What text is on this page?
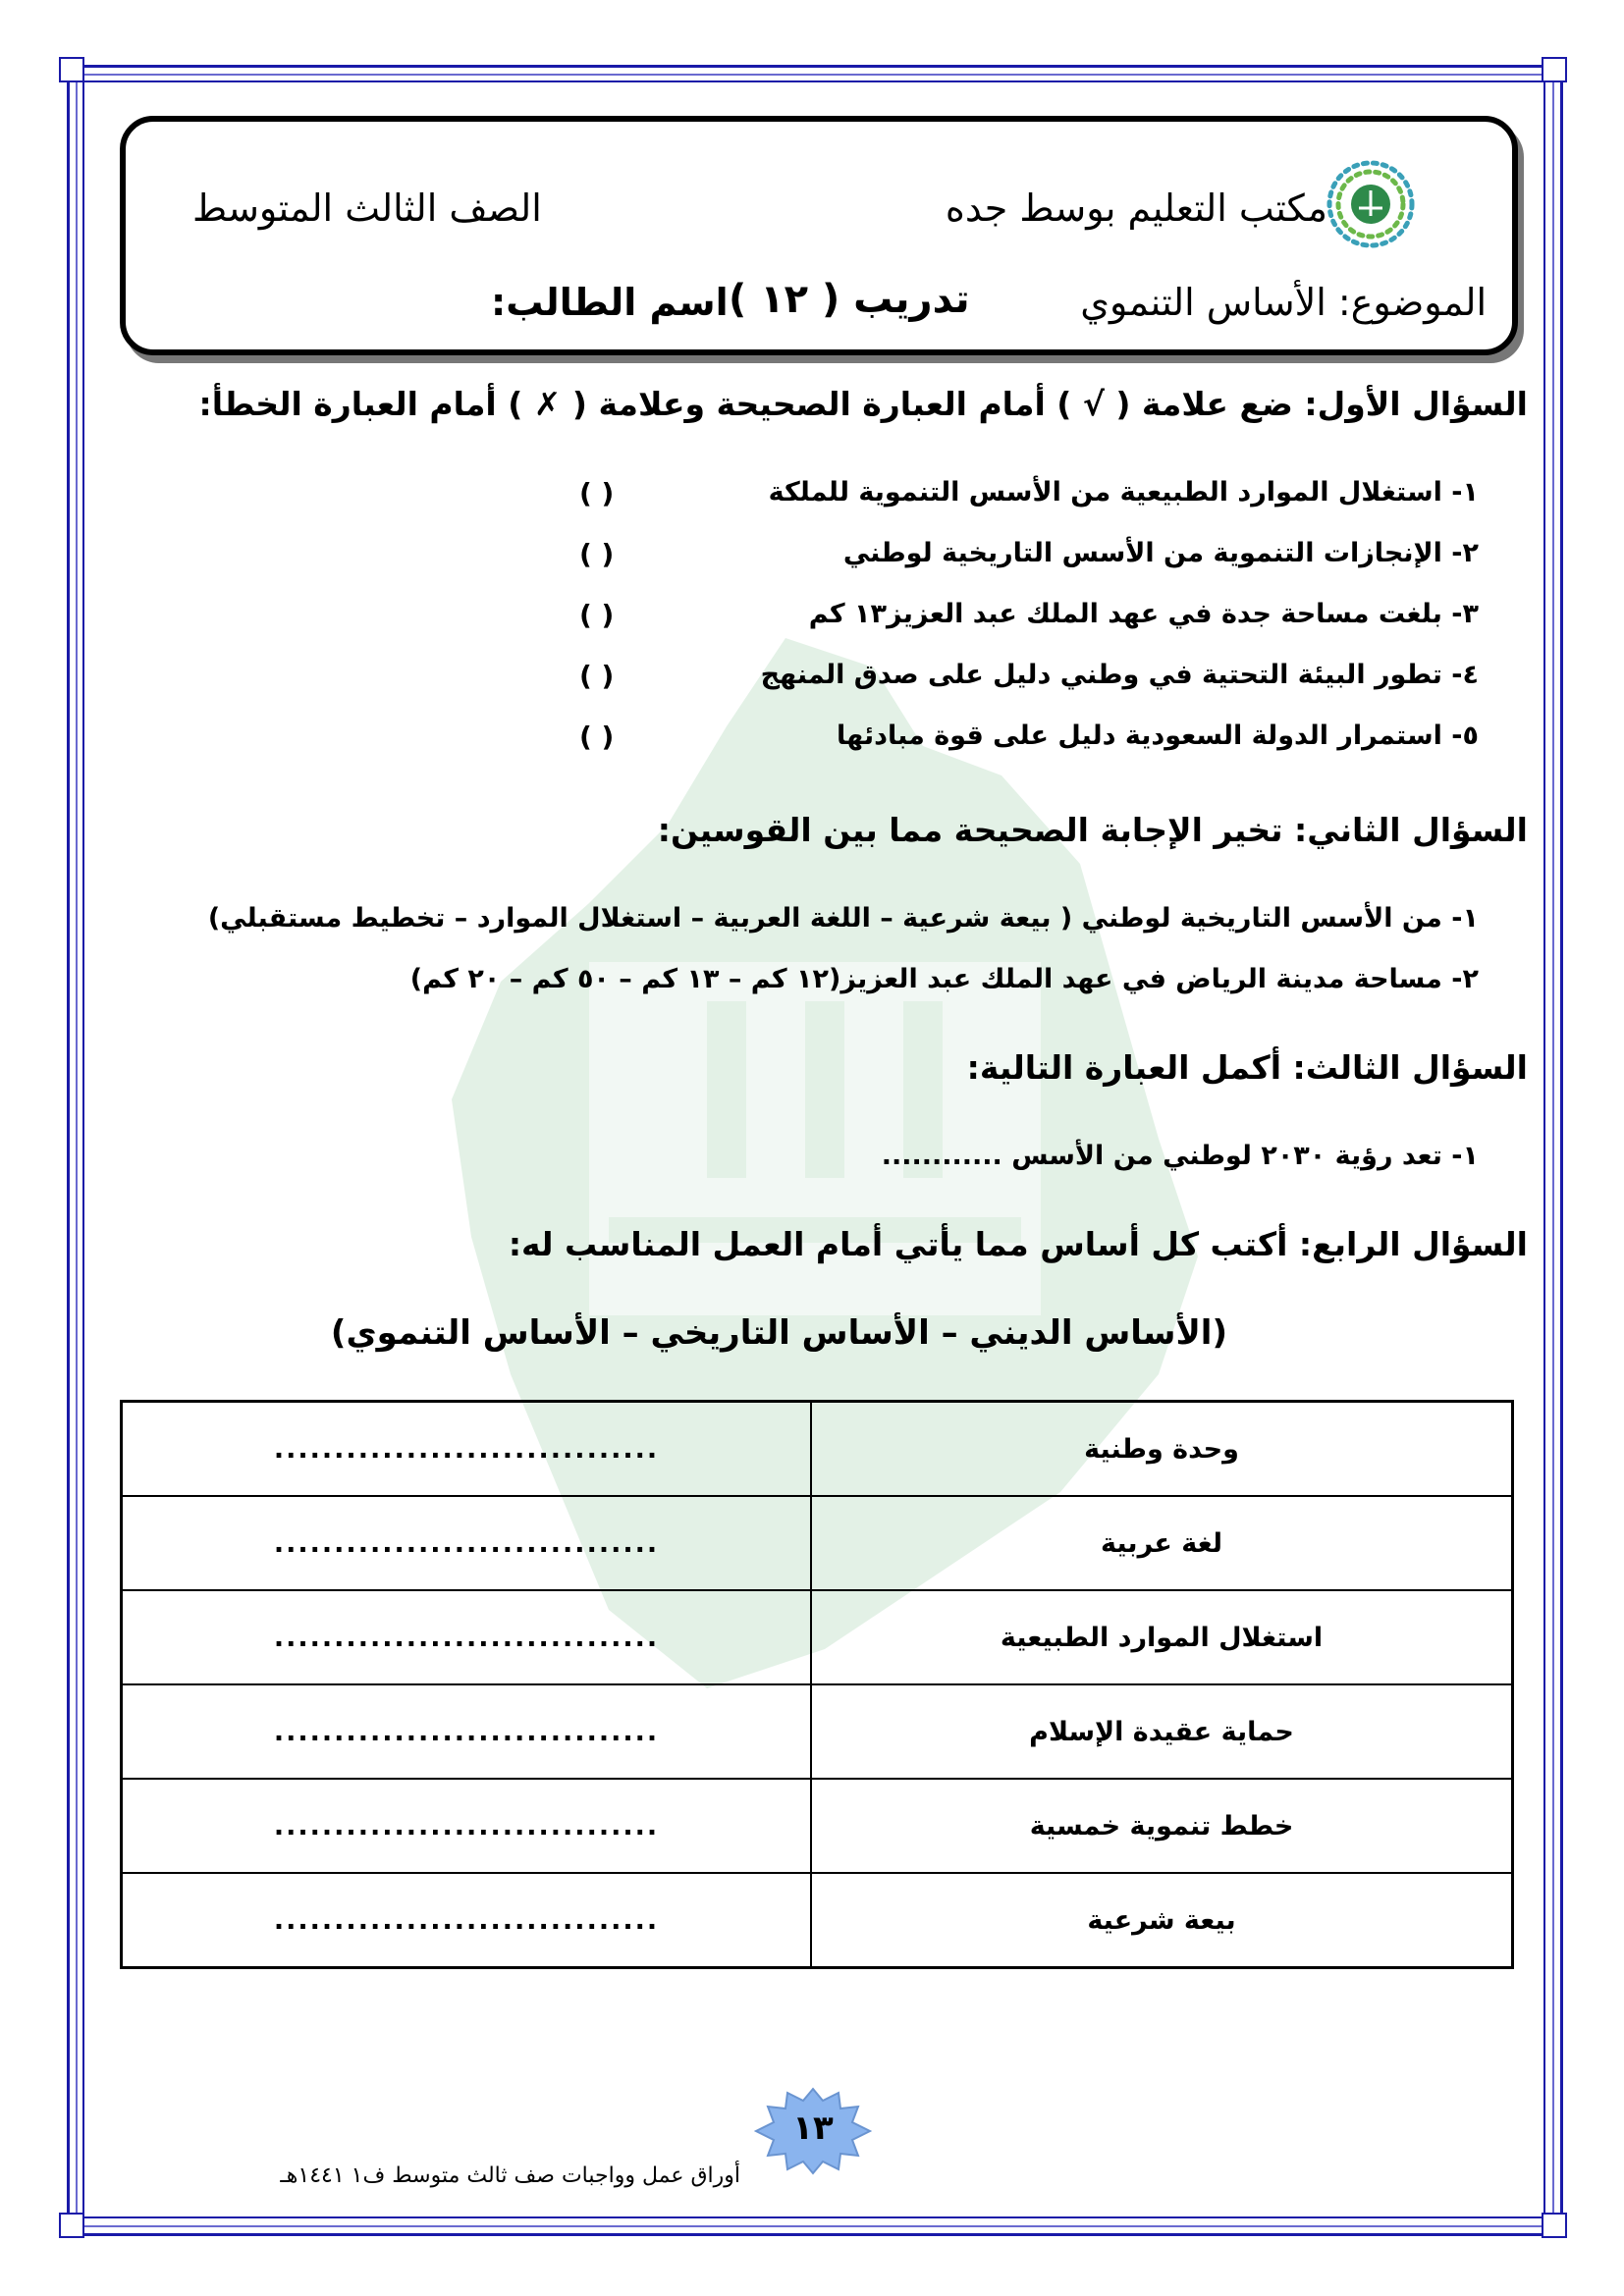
مكتب التعليم بوسط جده
الصف الثالث المتوسط
الموضوع: الأساس التنموي
تدريب ( ١٢ )
اسم الطالب:
السؤال الأول: ضع علامة ( √ ) أمام العبارة الصحيحة وعلامة ( ✗ ) أمام العبارة الخطأ:
١- استغلال الموارد الطبيعية من الأسس التنموية للملكة
( )
٢- الإنجازات التنموية من الأسس التاريخية لوطني
( )
٣- بلغت مساحة جدة في عهد الملك عبد العزيز١٣ كم
( )
٤- تطور البيئة التحتية في وطني دليل على صدق المنهج
( )
٥- استمرار الدولة السعودية دليل على قوة مبادئها
( )
السؤال الثاني: تخير الإجابة الصحيحة مما بين القوسين:
١- من الأسس التاريخية لوطني ( بيعة شرعية – اللغة العربية – استغلال الموارد – تخطيط مستقبلي)
٢- مساحة مدينة الرياض في عهد الملك عبد العزيز(١٢ كم – ١٣ كم – ٥٠ كم – ٢٠ كم)
السؤال الثالث: أكمل العبارة التالية:
١- تعد رؤية ٢٠٣٠ لوطني من الأسس ............
السؤال الرابع: أكتب كل أساس مما يأتي أمام العمل المناسب له:
(الأساس الديني – الأساس التاريخي – الأساس التنموي)
................................	وحدة وطنية
................................	لغة عربية
................................	استغلال الموارد الطبيعية
................................	حماية عقيدة الإسلام
................................	خطط تنموية خمسية
................................	بيعة شرعية
١٣
أوراق عمل وواجبات صف ثالث متوسط ف١ ١٤٤١هـ
